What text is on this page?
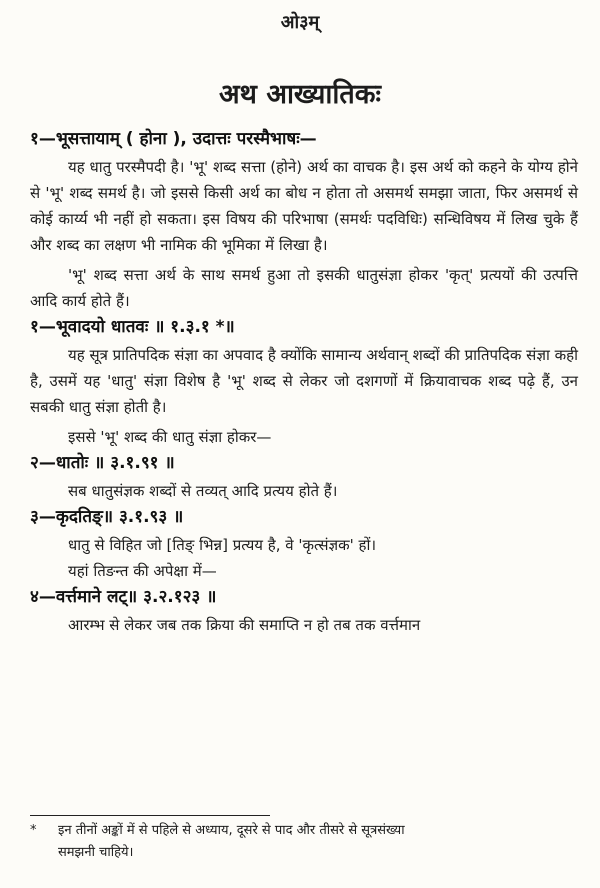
ओ३म्
अथ आख्यातिकः
१—भूसत्तायाम् ( होना ), उदात्तः परस्मैभाषः—

यह धातु परस्मैपदी है। 'भू' शब्द सत्ता (होने) अर्थ का वाचक है। इस अर्थ को कहने के योग्य होने से 'भू' शब्द समर्थ है। जो इससे किसी अर्थ का बोध न होता तो असमर्थ समझा जाता, फिर असमर्थ से कोई कार्य्य भी नहीं हो सकता। इस विषय की परिभाषा (समर्थः पदविधिः) सन्धिविषय में लिख चुके हैं और शब्द का लक्षण भी नामिक की भूमिका में लिखा है।

'भू' शब्द सत्ता अर्थ के साथ समर्थ हुआ तो इसकी धातुसंज्ञा होकर 'कृत्' प्रत्ययों की उत्पत्ति आदि कार्य होते हैं।

१—भूवादयो धातवः ॥ १.३.१ *॥

यह सूत्र प्रातिपदिक संज्ञा का अपवाद है क्योंकि सामान्य अर्थवान् शब्दों की प्रातिपदिक संज्ञा कही है, उसमें यह 'धातु' संज्ञा विशेष है 'भू' शब्द से लेकर जो दशगणों में क्रियावाचक शब्द पढ़े हैं, उन सबकी धातु संज्ञा होती है।

इससे 'भू' शब्द की धातु संज्ञा होकर—

२—धातोः ॥ ३.१.९१ ॥

सब धातुसंज्ञक शब्दों से तव्यत् आदि प्रत्यय होते हैं।

३—कृदतिङ्॥ ३.१.९३ ॥

धातु से विहित जो [तिङ् भिन्न] प्रत्यय है, वे 'कृत्संज्ञक' हों।

यहां तिङन्त की अपेक्षा में—

४—वर्त्तमाने लट्॥ ३.२.१२३ ॥

आरम्भ से लेकर जब तक क्रिया की समाप्ति न हो तब तक वर्त्तमान

* इन तीनों अङ्कों में से पहिले से अध्याय, दूसरे से पाद और तीसरे से सूत्रसंख्या
समझनी चाहिये।
